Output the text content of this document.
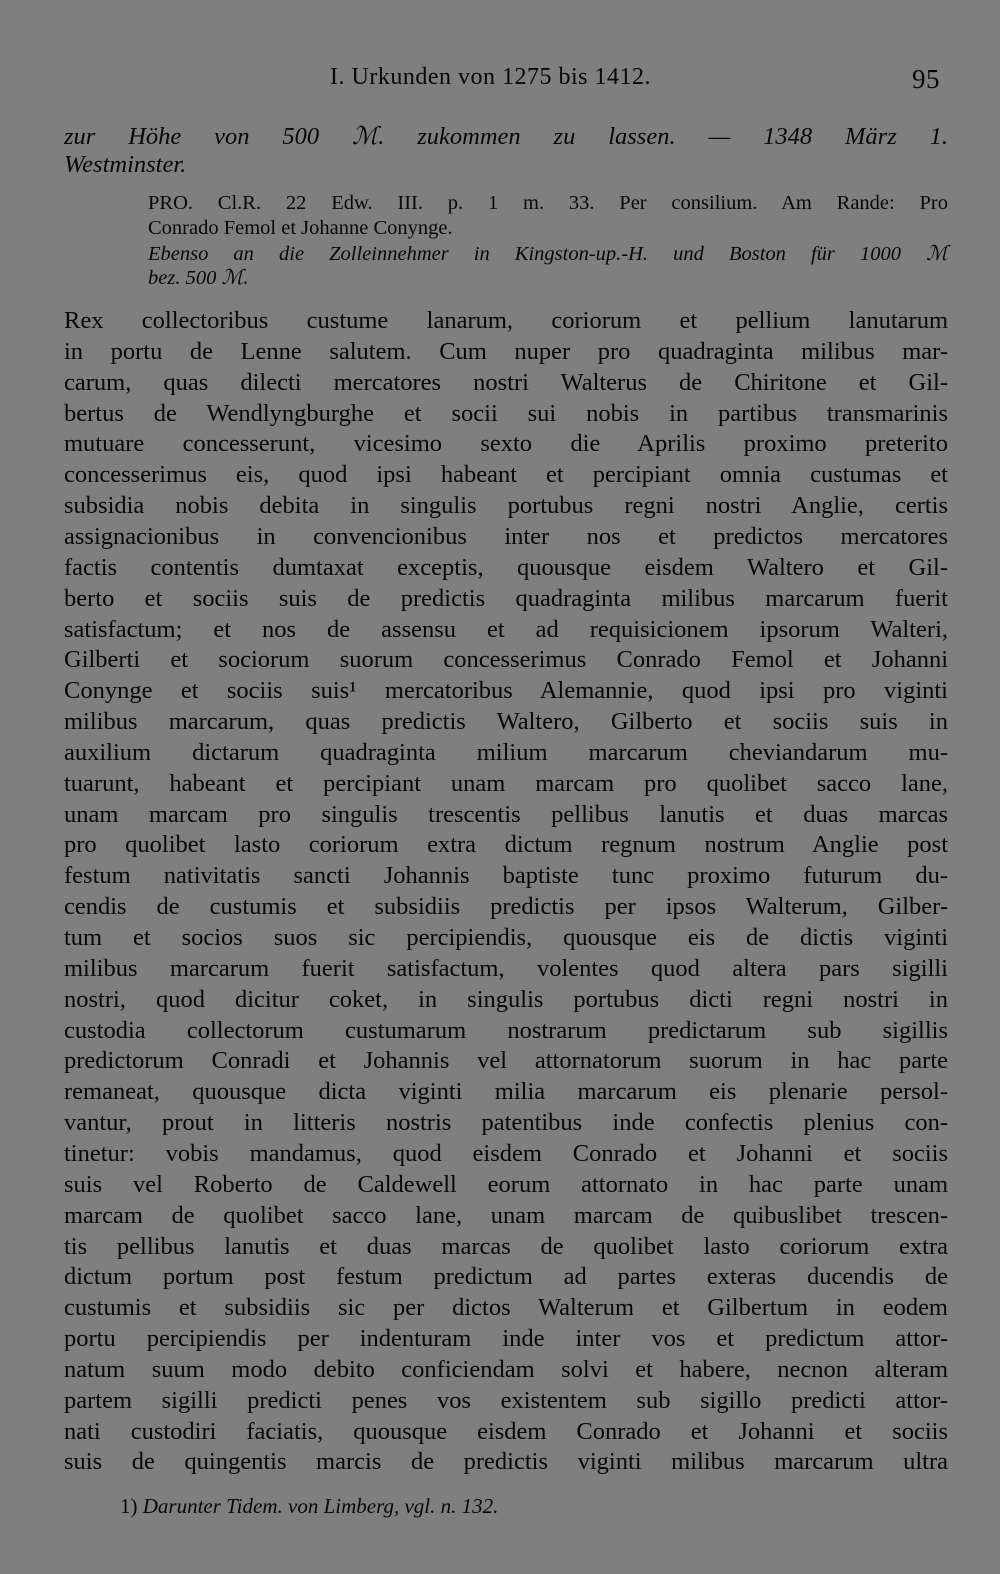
I. Urkunden von 1275 bis 1412.	95
zur Höhe von 500 ℳ. zukommen zu lassen. — 1348 März 1.
Westminster.
PRO. Cl.R. 22 Edw. III. p. 1 m. 33. Per consilium. Am Rande: Pro
Conrado Femol et Johanne Conynge.
Ebenso an die Zolleinnehmer in Kingston-up.-H. und Boston für 1000 ℳ
bez. 500 ℳ.
Rex collectoribus custume lanarum, coriorum et pellium lanutarum
in portu de Lenne salutem. Cum nuper pro quadraginta milibus mar-
carum, quas dilecti mercatores nostri Walterus de Chiritone et Gil-
bertus de Wendlyngburghe et socii sui nobis in partibus transmarinis
mutuare concesserunt, vicesimo sexto die Aprilis proximo preterito
concesserimus eis, quod ipsi habeant et percipiant omnia custumas et
subsidia nobis debita in singulis portubus regni nostri Anglie, certis
assignacionibus in convencionibus inter nos et predictos mercatores
factis contentis dumtaxat exceptis, quousque eisdem Waltero et Gil-
berto et sociis suis de predictis quadraginta milibus marcarum fuerit
satisfactum; et nos de assensu et ad requisicionem ipsorum Walteri,
Gilberti et sociorum suorum concesserimus Conrado Femol et Johanni
Conynge et sociis suis¹ mercatoribus Alemannie, quod ipsi pro viginti
milibus marcarum, quas predictis Waltero, Gilberto et sociis suis in
auxilium dictarum quadraginta milium marcarum cheviandarum mu-
tuarunt, habeant et percipiant unam marcam pro quolibet sacco lane,
unam marcam pro singulis trescentis pellibus lanutis et duas marcas
pro quolibet lasto coriorum extra dictum regnum nostrum Anglie post
festum nativitatis sancti Johannis baptiste tunc proximo futurum du-
cendis de custumis et subsidiis predictis per ipsos Walterum, Gilber-
tum et socios suos sic percipiendis, quousque eis de dictis viginti
milibus marcarum fuerit satisfactum, volentes quod altera pars sigilli
nostri, quod dicitur coket, in singulis portubus dicti regni nostri in
custodia collectorum custumarum nostrarum predictarum sub sigillis
predictorum Conradi et Johannis vel attornatorum suorum in hac parte
remaneat, quousque dicta viginti milia marcarum eis plenarie persol-
vantur, prout in litteris nostris patentibus inde confectis plenius con-
tinetur: vobis mandamus, quod eisdem Conrado et Johanni et sociis
suis vel Roberto de Caldewell eorum attornato in hac parte unam
marcam de quolibet sacco lane, unam marcam de quibuslibet trescen-
tis pellibus lanutis et duas marcas de quolibet lasto coriorum extra
dictum portum post festum predictum ad partes exteras ducendis de
custumis et subsidiis sic per dictos Walterum et Gilbertum in eodem
portu percipiendis per indenturam inde inter vos et predictum attor-
natum suum modo debito conficiendam solvi et habere, necnon alteram
partem sigilli predicti penes vos existentem sub sigillo predicti attor-
nati custodiri faciatis, quousque eisdem Conrado et Johanni et sociis
suis de quingentis marcis de predictis viginti milibus marcarum ultra
1) Darunter Tidem. von Limberg, vgl. n. 132.
